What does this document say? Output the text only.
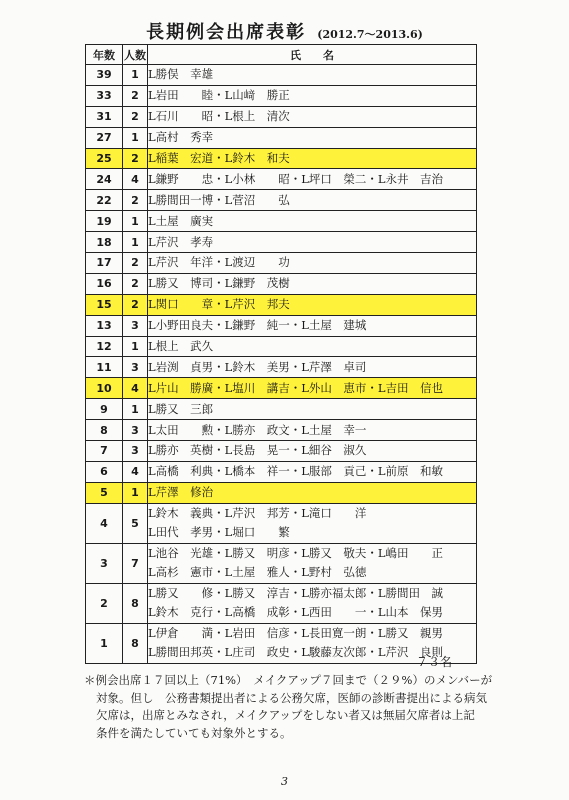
長期例会出席表彰 (2012.7～2013.6)
年数	人数	氏　　名
39	1	L勝俣　幸雄

33	2	L岩田　　睦・L山﨑　勝正

31	2	L石川　　昭・L根上　清次

27	1	L高村　秀幸

25	2	L稲葉　宏道・L鈴木　和夫

24	4	L鎌野　　忠・L小林　　昭・L坪口　榮二・L永井　吉治

22	2	L勝間田一博・L菅沼　　弘

19	1	L土屋　廣実

18	1	L芹沢　孝寿

17	2	L芹沢　年洋・L渡辺　　功

16	2	L勝又　博司・L鎌野　茂樹

15	2	L関口　　章・L芹沢　邦夫

13	3	L小野田良夫・L鎌野　純一・L土屋　建城

12	1	L根上　武久

11	3	L岩渕　貞男・L鈴木　美男・L芹澤　卓司

10	4	L片山　勝廣・L塩川　講吉・L外山　恵市・L吉田　信也

9	1	L勝又　三郎

8	3	L太田　　勲・L勝亦　政文・L土屋　幸一

7	3	L勝亦　英樹・L長島　晃一・L細谷　淑久

6	4	L高橋　利典・L橋本　祥一・L服部　貢己・L前原　和敏

5	1	L芹澤　修治

4	5	L鈴木　義典・L芹沢　邦芳・L滝口　　洋
L田代　孝男・L堀口　　繁

3	7	L池谷　光雄・L勝又　明彦・L勝又　敬夫・L嶋田　　正
L高杉　憲市・L土屋　雅人・L野村　弘徳

2	8	L勝又　　修・L勝又　淳吉・L勝亦福太郎・L勝間田　誠
L鈴木　克行・L高橋　成彰・L西田　　一・L山本　保男

1	8	L伊倉　　満・L岩田　信彦・L長田寛一朗・L勝又　親男
L勝間田邦英・L庄司　政史・L駿藤友次郎・L芹沢　良則
７３名

＊例会出席１７回以上（71%）　メイクアップ７回まで（２９%）のメンバーが

対象。但し　公務書類提出者による公務欠席，医師の診断書提出による病気

欠席は，出席とみなされ，メイクアップをしない者又は無届欠席者は上記

条件を満たしていても対象外とする。

3
